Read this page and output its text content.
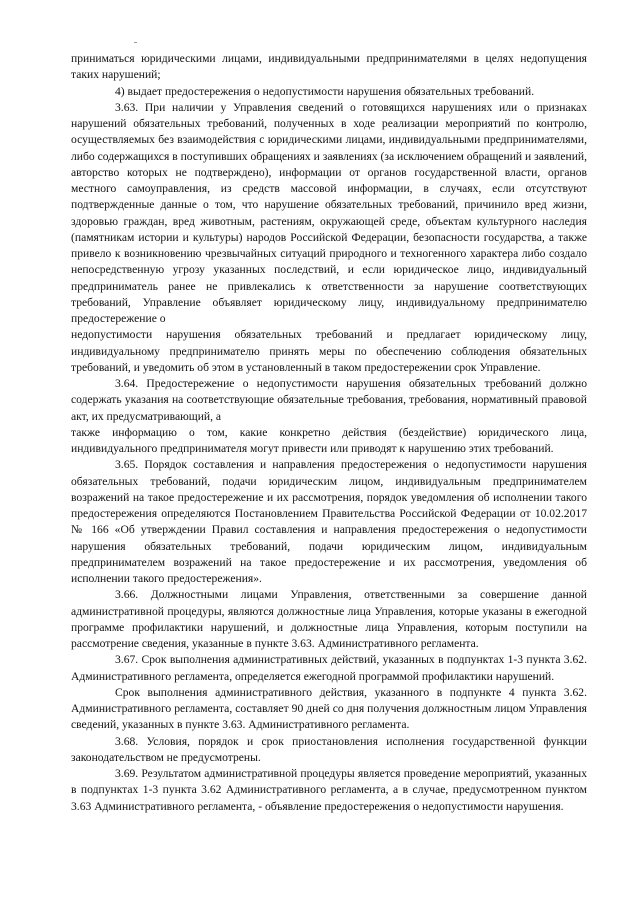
приниматься юридическими лицами, индивидуальными предпринимателями в целях недопущения таких нарушений;

4) выдает предостережения о недопустимости нарушения обязательных требований.

3.63. При наличии у Управления сведений о готовящихся нарушениях или о признаках нарушений обязательных требований, полученных в ходе реализации мероприятий по контролю, осуществляемых без взаимодействия с юридическими лицами, индивидуальными предпринимателями, либо содержащихся в поступивших обращениях и заявлениях (за исключением обращений и заявлений, авторство которых не подтверждено), информации от органов государственной власти, органов местного самоуправления, из средств массовой информации, в случаях, если отсутствуют подтвержденные данные о том, что нарушение обязательных требований, причинило вред жизни, здоровью граждан, вред животным, растениям, окружающей среде, объектам культурного наследия (памятникам истории и культуры) народов Российской Федерации, безопасности государства, а также привело к возникновению чрезвычайных ситуаций природного и техногенного характера либо создало непосредственную угрозу указанных последствий, и если юридическое лицо, индивидуальный предприниматель ранее не привлекались к ответственности за нарушение соответствующих требований, Управление объявляет юридическому лицу, индивидуальному предпринимателю предостережение о

недопустимости нарушения обязательных требований и предлагает юридическому лицу, индивидуальному предпринимателю принять меры по обеспечению соблюдения обязательных требований, и уведомить об этом в установленный в таком предостережении срок Управление.

3.64. Предостережение о недопустимости нарушения обязательных требований должно содержать указания на соответствующие обязательные требования, требования, нормативный правовой акт, их предусматривающий, а

также информацию о том, какие конкретно действия (бездействие) юридического лица, индивидуального предпринимателя могут привести или приводят к нарушению этих требований.

3.65. Порядок составления и направления предостережения о недопустимости нарушения обязательных требований, подачи юридическим лицом, индивидуальным предпринимателем возражений на такое предостережение и их рассмотрения, порядок уведомления об исполнении такого предостережения определяются Постановлением Правительства Российской Федерации от 10.02.2017 № 166 «Об утверждении Правил составления и направления предостережения о недопустимости нарушения обязательных требований, подачи юридическим лицом, индивидуальным предпринимателем возражений на такое предостережение и их рассмотрения, уведомления об исполнении такого предостережения».

3.66. Должностными лицами Управления, ответственными за совершение данной административной процедуры, являются должностные лица Управления, которые указаны в ежегодной программе профилактики нарушений, и должностные лица Управления, которым поступили на рассмотрение сведения, указанные в пункте 3.63. Административного регламента.

3.67. Срок выполнения административных действий, указанных в подпунктах 1-3 пункта 3.62. Административного регламента, определяется ежегодной программой профилактики нарушений.

Срок выполнения административного действия, указанного в подпункте 4 пункта 3.62. Административного регламента, составляет 90 дней со дня получения должностным лицом Управления сведений, указанных в пункте 3.63. Административного регламента.

3.68. Условия, порядок и срок приостановления исполнения государственной функции законодательством не предусмотрены.

3.69. Результатом административной процедуры является проведение мероприятий, указанных в подпунктах 1-3 пункта 3.62 Административного регламента, а в случае, предусмотренном пунктом 3.63 Административного регламента, - объявление предостережения о недопустимости нарушения.
